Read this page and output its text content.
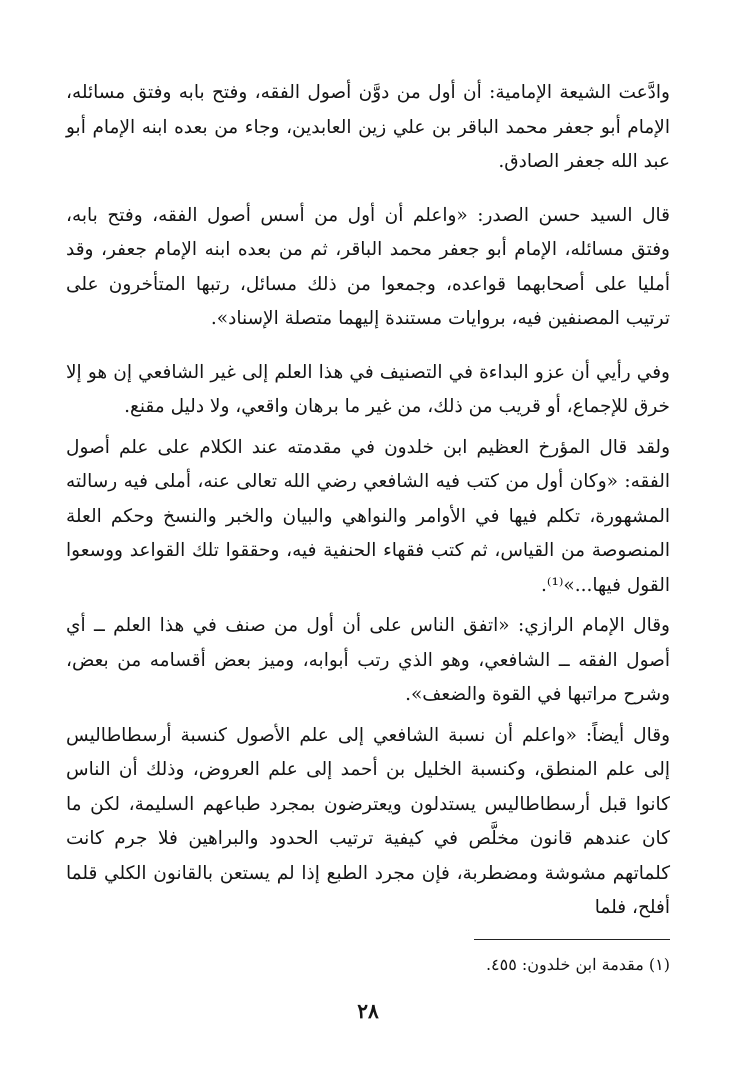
وادَّعت الشيعة الإمامية: أن أول من دوَّن أصول الفقه، وفتح بابه وفتق مسائله، الإمام أبو جعفر محمد الباقر بن علي زين العابدين، وجاء من بعده ابنه الإمام أبو عبد الله جعفر الصادق.

قال السيد حسن الصدر: «واعلم أن أول من أسس أصول الفقه، وفتح بابه، وفتق مسائله، الإمام أبو جعفر محمد الباقر، ثم من بعده ابنه الإمام جعفر، وقد أمليا على أصحابهما قواعده، وجمعوا من ذلك مسائل، رتبها المتأخرون على ترتيب المصنفين فيه، بروايات مستندة إليهما متصلة الإسناد».

وفي رأيي أن عزو البداءة في التصنيف في هذا العلم إلى غير الشافعي إن هو إلا خرق للإجماع، أو قريب من ذلك، من غير ما برهان واقعي، ولا دليل مقنع.

ولقد قال المؤرخ العظيم ابن خلدون في مقدمته عند الكلام على علم أصول الفقه: «وكان أول من كتب فيه الشافعي رضي الله تعالى عنه، أملى فيه رسالته المشهورة، تكلم فيها في الأوامر والنواهي والبيان والخبر والنسخ وحكم العلة المنصوصة من القياس، ثم كتب فقهاء الحنفية فيه، وحققوا تلك القواعد ووسعوا القول فيها...»⁽¹⁾.

وقال الإمام الرازي: «اتفق الناس على أن أول من صنف في هذا العلم ــ أي أصول الفقه ــ الشافعي، وهو الذي رتب أبوابه، وميز بعض أقسامه من بعض، وشرح مراتبها في القوة والضعف».

وقال أيضاً: «واعلم أن نسبة الشافعي إلى علم الأصول كنسبة أرسطاطاليس إلى علم المنطق، وكنسبة الخليل بن أحمد إلى علم العروض، وذلك أن الناس كانوا قبل أرسطاطاليس يستدلون ويعترضون بمجرد طباعهم السليمة، لكن ما كان عندهم قانون مخلَّص في كيفية ترتيب الحدود والبراهين فلا جرم كانت كلماتهم مشوشة ومضطربة، فإن مجرد الطبع إذا لم يستعن بالقانون الكلي قلما أفلح، فلما

(١) مقدمة ابن خلدون: ٤٥٥.
٢٨
